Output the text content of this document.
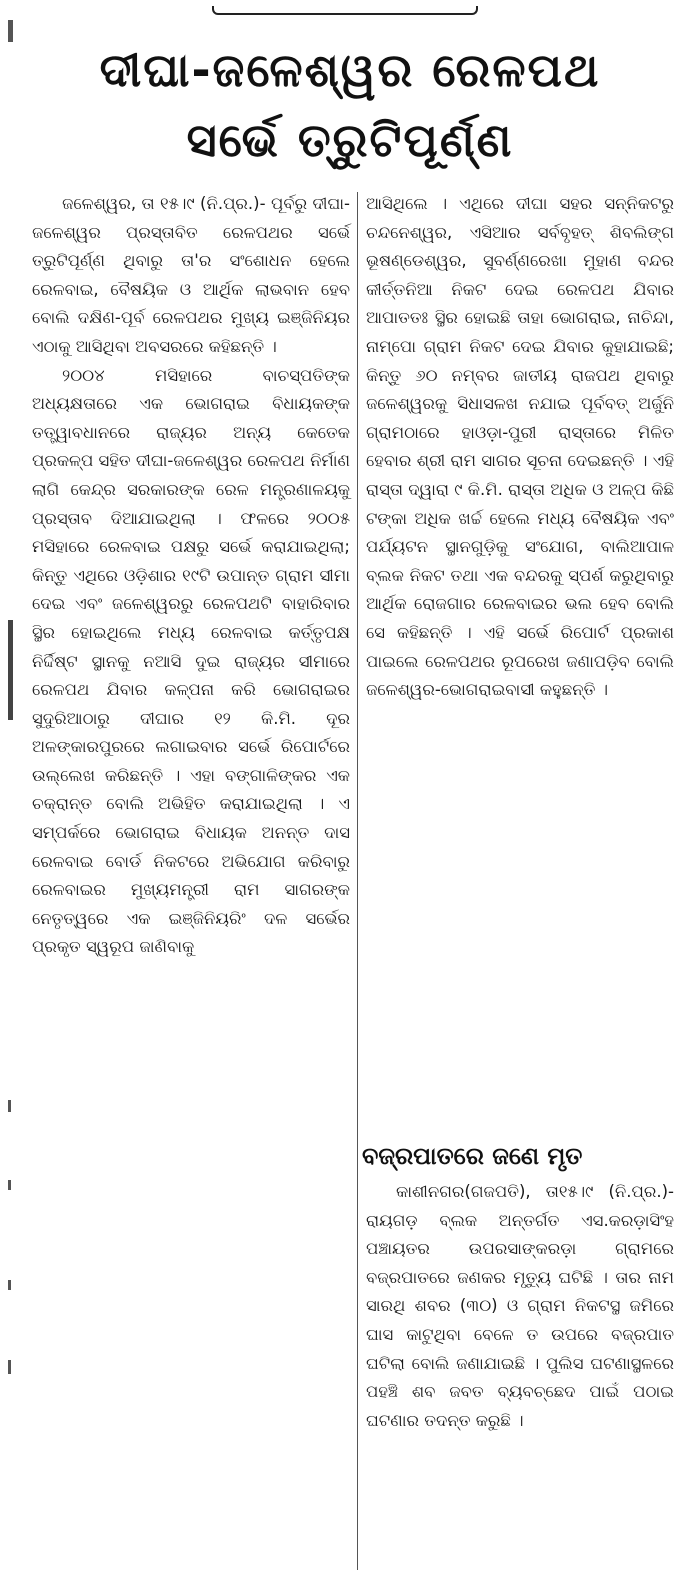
ଦୀଘା-ଜଳେଶ୍ୱର ରେଳପଥ
ସର୍ଭେ ତ୍ରୁଟିପୂର୍ଣ୍ଣ

ଜଳେଶ୍ୱର, ତା ୧୫।୯ (ନି.ପ୍ର.)- ପୂର୍ବରୁ ଦୀଘା-ଜଳେଶ୍ୱର ପ୍ରସ୍ତାବିତ ରେଳପଥର ସର୍ଭେ ତ୍ରୁଟିପୂର୍ଣ୍ଣ ଥିବାରୁ ତା'ର ସଂଶୋଧନ ହେଲେ ରେଳବାଇ, ବୈଷୟିକ ଓ ଆର୍ଥିକ ଲାଭବାନ ହେବ ବୋଲି ଦକ୍ଷିଣ-ପୂର୍ବ ରେଳପଥର ମୁଖ୍ୟ ଇଞ୍ଜିନିୟର ଏଠାକୁ ଆସିଥିବା ଅବସରରେ କହିଛନ୍ତି ।

୨୦୦୪ ମସିହାରେ ବାଚସ୍ପତିଙ୍କ ଅଧ୍ୟକ୍ଷତାରେ ଏକ ଭୋଗରାଇ ବିଧାୟକଙ୍କ ତତ୍ତ୍ୱାବଧାନରେ ରାଜ୍ୟର ଅନ୍ୟ କେତେକ ପ୍ରକଳ୍ପ ସହିତ ଦୀଘା-ଜଳେଶ୍ୱର ରେଳପଥ ନିର୍ମାଣ ଲାଗି କେନ୍ଦ୍ର ସରକାରଙ୍କ ରେଳ ମନ୍ତ୍ରଣାଳୟକୁ ପ୍ରସ୍ତାବ ଦିଆଯାଇଥିଲା । ଫଳରେ ୨୦୦୫ ମସିହାରେ ରେଳବାଇ ପକ୍ଷରୁ ସର୍ଭେ କରାଯାଇଥିଲା; କିନ୍ତୁ ଏଥିରେ ଓଡ଼ିଶାର ୧୯ଟି ଉପାନ୍ତ ଗ୍ରାମ ସୀମା ଦେଇ ଏବଂ ଜଳେଶ୍ୱରରୁ ରେଳପଥଟି ବାହାରିବାର ସ୍ଥିର ହୋଇଥିଲେ ମଧ୍ୟ ରେଳବାଇ କର୍ତ୍ତୃପକ୍ଷ ନିର୍ଦ୍ଦିଷ୍ଟ ସ୍ଥାନକୁ ନଆସି ଦୁଇ ରାଜ୍ୟର ସୀମାରେ ରେଳପଥ ଯିବାର କଳ୍ପନା କରି ଭୋଗରାଇର ସୁଦୁରିଆଠାରୁ ଦୀଘାର ୧୨ କି.ମି. ଦୂର ଅଳଙ୍କାରପୁରରେ ଲଗାଇବାର ସର୍ଭେ ରିପୋର୍ଟରେ ଉଲ୍ଲେଖ କରିଛନ୍ତି । ଏହା ବଙ୍ଗାଳିଙ୍କର ଏକ ଚକ୍ରାନ୍ତ ବୋଲି ଅଭିହିତ କରାଯାଇଥିଲା । ଏ ସମ୍ପର୍କରେ ଭୋଗରାଇ ବିଧାୟକ ଅନନ୍ତ ଦାସ ରେଳବାଇ ବୋର୍ଡ ନିକଟରେ ଅଭିଯୋଗ କରିବାରୁ ରେଳବାଇର ମୁଖ୍ୟମନ୍ତ୍ରୀ ରାମ ସାଗରଙ୍କ ନେତୃତ୍ୱରେ ଏକ ଇଞ୍ଜିନିୟରିଂ ଦଳ ସର୍ଭେର ପ୍ରକୃତ ସ୍ୱରୂପ ଜାଣିବାକୁ

ଆସିଥିଲେ । ଏଥିରେ ଦୀଘା ସହର ସନ୍ନିକଟରୁ ଚନ୍ଦନେଶ୍ୱର, ଏସିଆର ସର୍ବବୃହତ୍ ଶିବଲିଙ୍ଗ ଭୂଷଣ୍ଡେଶ୍ୱର, ସୁବର୍ଣ୍ଣରେଖା ମୁହାଣ ବନ୍ଦର କୀର୍ତ୍ତନିଆ ନିକଟ ଦେଇ ରେଳପଥ ଯିବାର ଆପାତତଃ ସ୍ଥିର ହୋଇଛି ତାହା ଭୋଗରାଇ, ନାଚିନ୍ଦା, ନାମ୍ପୋ ଗ୍ରାମ ନିକଟ ଦେଇ ଯିବାର କୁହାଯାଇଛି; କିନ୍ତୁ ୬୦ ନମ୍ବର ଜାତୀୟ ରାଜପଥ ଥିବାରୁ ଜଳେଶ୍ୱରକୁ ସିଧାସଳଖ ନଯାଇ ପୂର୍ବବତ୍ ଅର୍ଜୁନି ଗ୍ରାମଠାରେ ହାଓଡ଼ା-ପୁରୀ ରାସ୍ତାରେ ମିଳିତ ହେବାର ଶ୍ରୀ ରାମ ସାଗର ସୂଚନା ଦେଇଛନ୍ତି । ଏହି ରାସ୍ତା ଦ୍ୱାରା ୯ କି.ମି. ରାସ୍ତା ଅଧିକ ଓ ଅଳ୍ପ କିଛି ଟଙ୍କା ଅଧିକ ଖର୍ଚ୍ଚ ହେଲେ ମଧ୍ୟ ବୈଷୟିକ ଏବଂ ପର୍ଯ୍ୟଟନ ସ୍ଥାନଗୁଡ଼ିକୁ ସଂଯୋଗ, ବାଲିଆପାଳ ବ୍ଲକ ନିକଟ ତଥା ଏକ ବନ୍ଦରକୁ ସ୍ପର୍ଶ କରୁଥିବାରୁ ଆର୍ଥିକ ରୋଜଗାର ରେଳବାଇର ଭଲ ହେବ ବୋଲି ସେ କହିଛନ୍ତି । ଏହି ସର୍ଭେ ରିପୋର୍ଟ ପ୍ରକାଶ ପାଇଲେ ରେଳପଥର ରୂପରେଖ ଜଣାପଡ଼ିବ ବୋଲି ଜଳେଶ୍ୱର-ଭୋଗରାଇବାସୀ କହୁଛନ୍ତି ।

ବଜ୍ରପାତରେ ଜଣେ ମୃତ

କାଶୀନଗର(ଗଜପତି), ତା୧୫।୯ (ନି.ପ୍ର.)-ରାୟଗଡ଼ ବ୍ଲକ ଅନ୍ତର୍ଗତ ଏସ.କରଡ଼ାସିଂହ ପଞ୍ଚାୟତର ଉପରସାଙ୍କରଡ଼ା ଗ୍ରାମରେ ବଜ୍ରପାତରେ ଜଣକର ମୃତ୍ୟୁ ଘଟିଛି । ତାର ନାମ ସାରଥି ଶବର (୩୦) ଓ ଗ୍ରାମ ନିକଟସ୍ଥ ଜମିରେ ଘାସ କାଟୁଥିବା ବେଳେ ତ ଉପରେ ବଜ୍ରପାତ ଘଟିଲା ବୋଲି ଜଣାଯାଇଛି । ପୁଲିସ ଘଟଣାସ୍ଥଳରେ ପହଞ୍ଚି ଶବ ଜବତ ବ୍ୟବଚ୍ଛେଦ ପାଇଁ ପଠାଇ ଘଟଣାର ତଦନ୍ତ କରୁଛି ।
